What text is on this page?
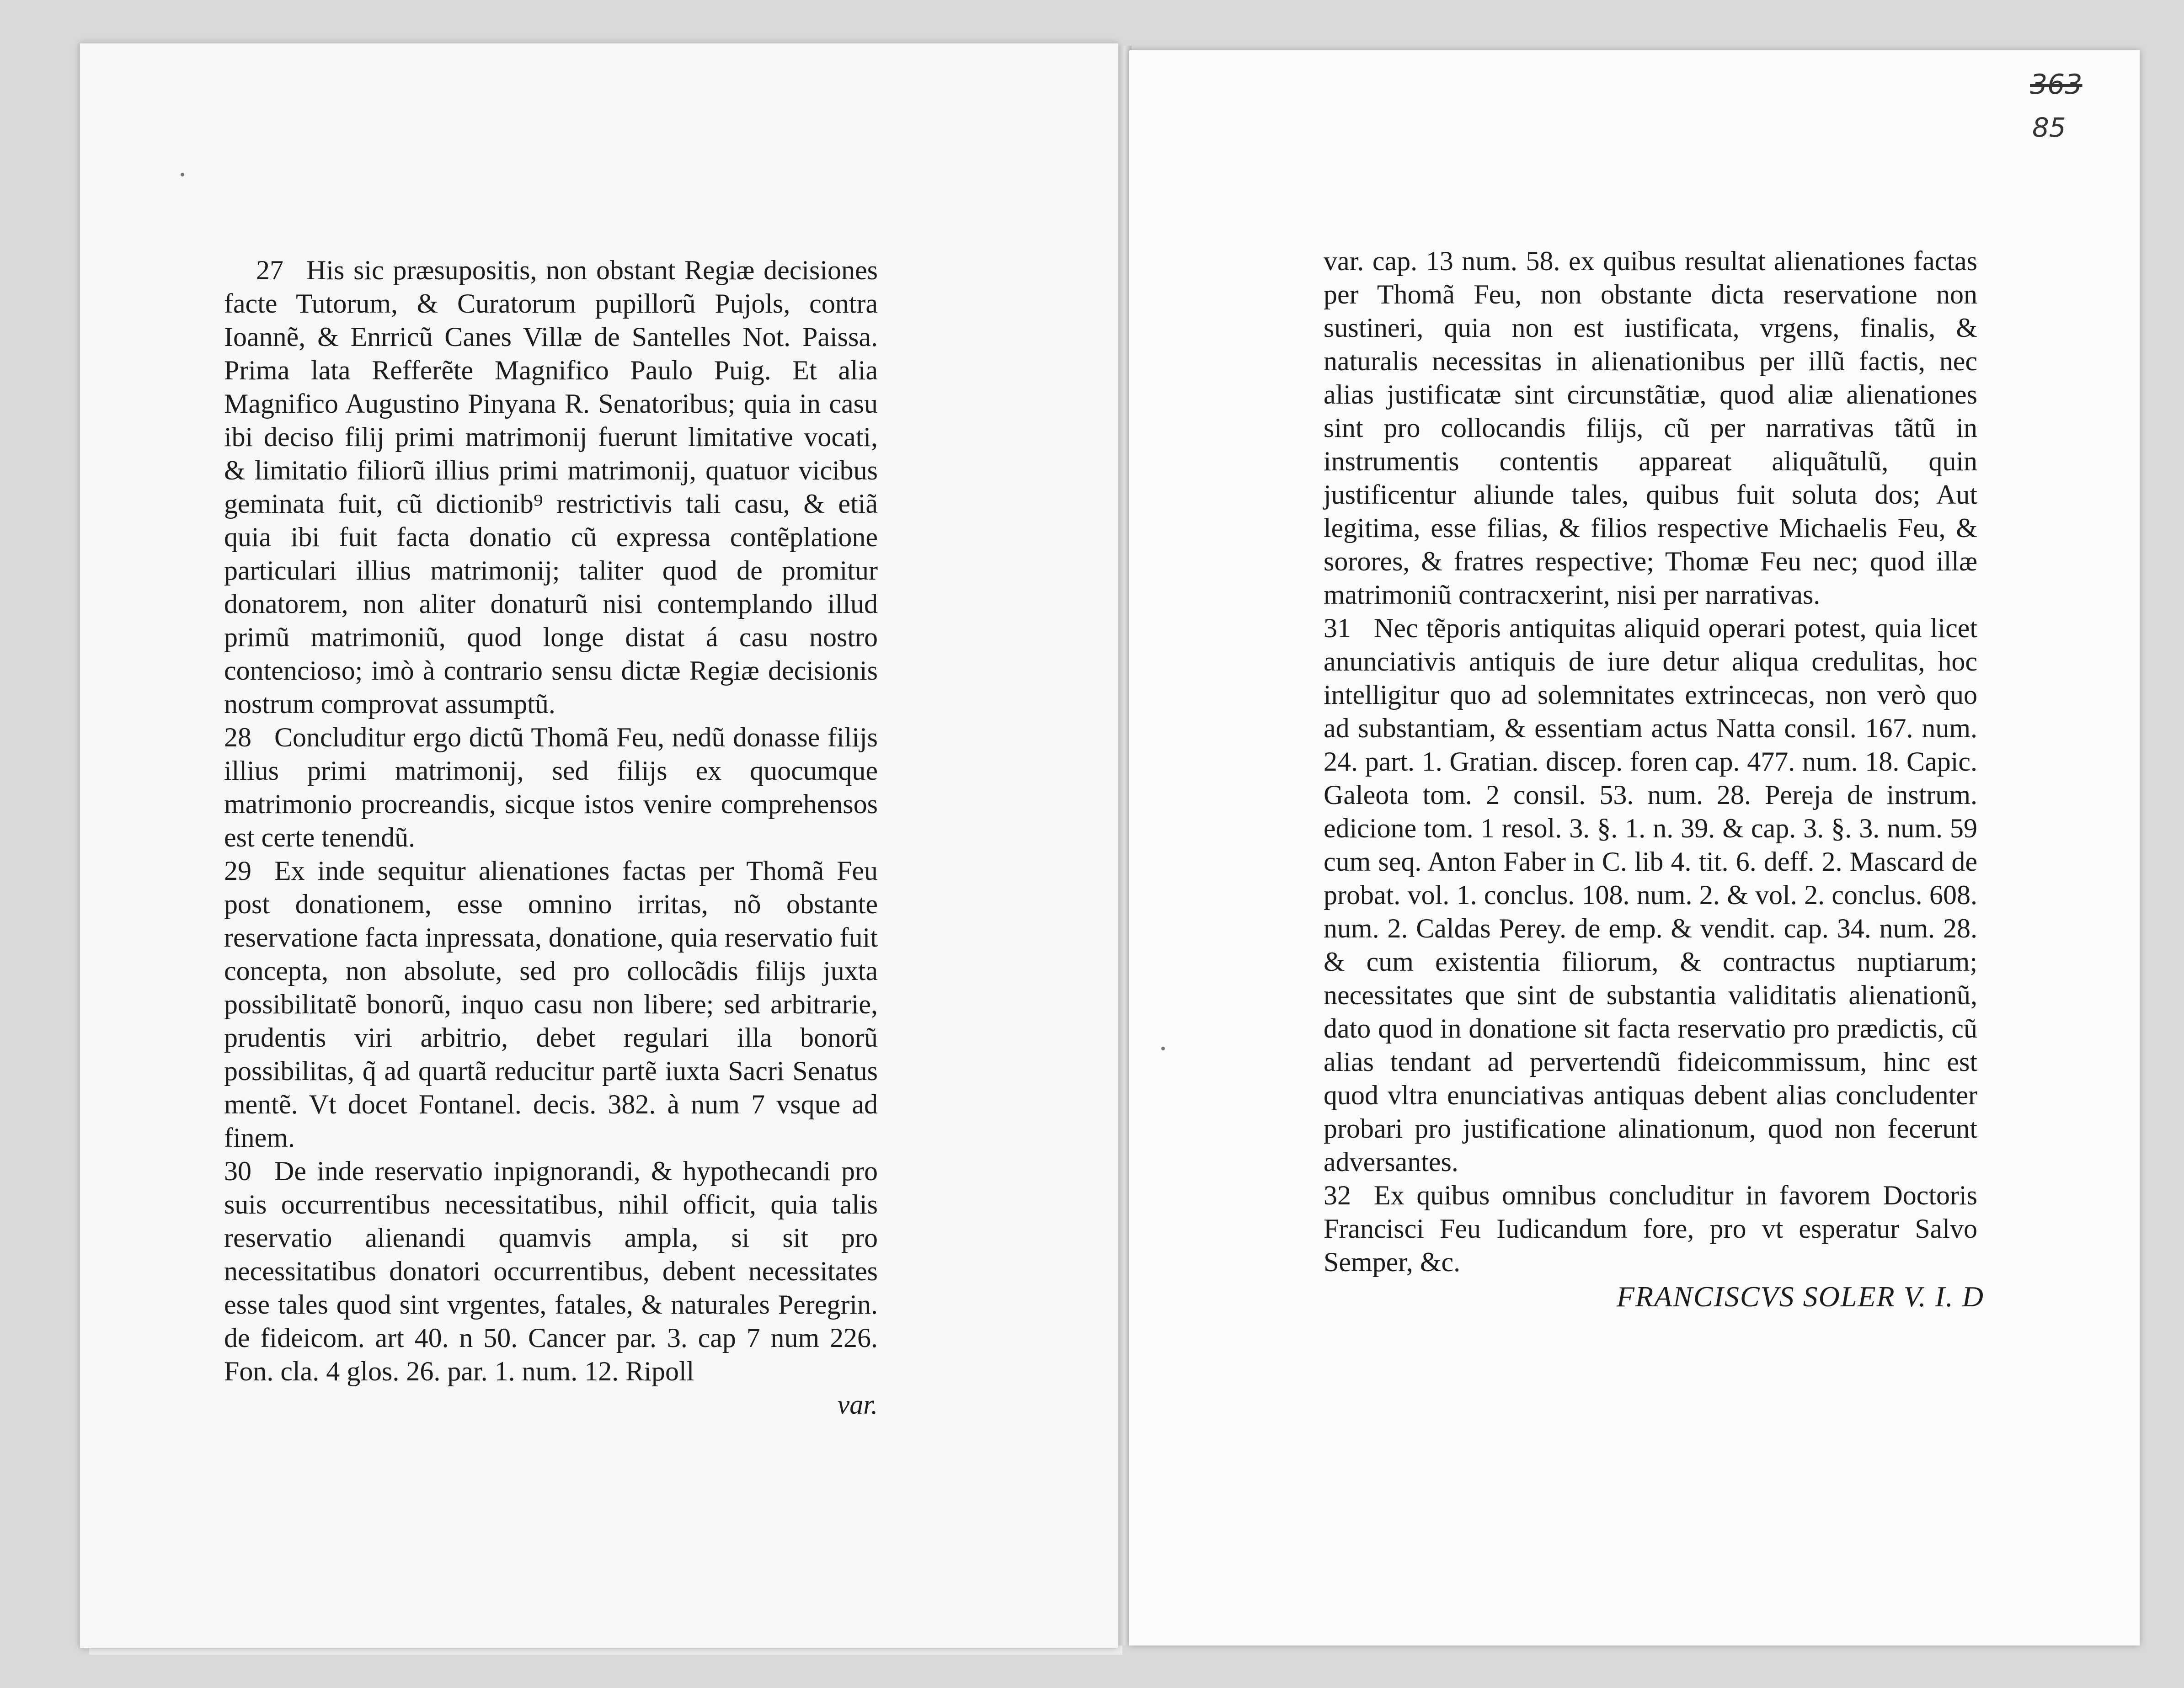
363
85

27 His sic præsupositis, non obstant Regiæ decisiones facte Tutorum, & Curatorum pupillorũ Pujols, contra Ioannẽ, & Enrricũ Canes Villæ de Santelles Not. Paissa. Prima lata Refferẽte Magnifico Paulo Puig. Et alia Magnifico Augustino Pinyana R. Senatoribus; quia in casu ibi deciso filij primi matrimonij fuerunt limitative vocati, & limitatio filiorũ illius primi matrimonij, quatuor vicibus geminata fuit, cũ dictionib⁹ restrictivis tali casu, & etiã quia ibi fuit facta donatio cũ expressa contẽplatione particulari illius matrimonij; taliter quod de promitur donatorem, non aliter donaturũ nisi contemplando illud primũ matrimoniũ, quod longe distat á casu nostro contencioso; imò à contrario sensu dictæ Regiæ decisionis nostrum comprovat assumptũ.

28 Concluditur ergo dictũ Thomã Feu, nedũ donasse filijs illius primi matrimonij, sed filijs ex quocumque matrimonio procreandis, sicque istos venire comprehensos est certe tenendũ.

29 Ex inde sequitur alienationes factas per Thomã Feu post donationem, esse omnino irritas, nõ obstante reservatione facta inpressata, donatione, quia reservatio fuit concepta, non absolute, sed pro collocãdis filijs juxta possibilitatẽ bonorũ, inquo casu non libere; sed arbitrarie, prudentis viri arbitrio, debet regulari illa bonorũ possibilitas, q̃ ad quartã reducitur partẽ iuxta Sacri Senatus mentẽ. Vt docet Fontanel. decis. 382. à num 7 vsque ad finem.

30 De inde reservatio inpignorandi, & hypothecandi pro suis occurrentibus necessitatibus, nihil officit, quia talis reservatio alienandi quamvis ampla, si sit pro necessitatibus donatori occurrentibus, debent necessitates esse tales quod sint vrgentes, fatales, & naturales Peregrin. de fideicom. art 40. n 50. Cancer par. 3. cap 7 num 226. Fon. cla. 4 glos. 26. par. 1. num. 12. Ripoll

var.

var. cap. 13 num. 58. ex quibus resultat alienationes factas per Thomã Feu, non obstante dicta reservatione non sustineri, quia non est iustificata, vrgens, finalis, & naturalis necessitas in alienationibus per illũ factis, nec alias justificatæ sint circunstãtiæ, quod aliæ alienationes sint pro collocandis filijs, cũ per narrativas tãtũ in instrumentis contentis appareat aliquãtulũ, quin justificentur aliunde tales, quibus fuit soluta dos; Aut legitima, esse filias, & filios respective Michaelis Feu, & sorores, & fratres respective; Thomæ Feu nec; quod illæ matrimoniũ contracxerint, nisi per narrativas.

31 Nec tẽporis antiquitas aliquid operari potest, quia licet anunciativis antiquis de iure detur aliqua credulitas, hoc intelligitur quo ad solemnitates extrincecas, non verò quo ad substantiam, & essentiam actus Natta consil. 167. num. 24. part. 1. Gratian. discep. foren cap. 477. num. 18. Capic. Galeota tom. 2 consil. 53. num. 28. Pereja de instrum. edicione tom. 1 resol. 3. §. 1. n. 39. & cap. 3. §. 3. num. 59 cum seq. Anton Faber in C. lib 4. tit. 6. deff. 2. Mascard de probat. vol. 1. conclus. 108. num. 2. & vol. 2. conclus. 608. num. 2. Caldas Perey. de emp. & vendit. cap. 34. num. 28. & cum existentia filiorum, & contractus nuptiarum; necessitates que sint de substantia validitatis alienationũ, dato quod in donatione sit facta reservatio pro prædictis, cũ alias tendant ad pervertendũ fideicommissum, hinc est quod vltra enunciativas antiquas debent alias concludenter probari pro justificatione alinationum, quod non fecerunt adversantes.

32 Ex quibus omnibus concluditur in favorem Doctoris Francisci Feu Iudicandum fore, pro vt esperatur Salvo Semper, &c.

FRANCISCVS SOLER V. I. D
